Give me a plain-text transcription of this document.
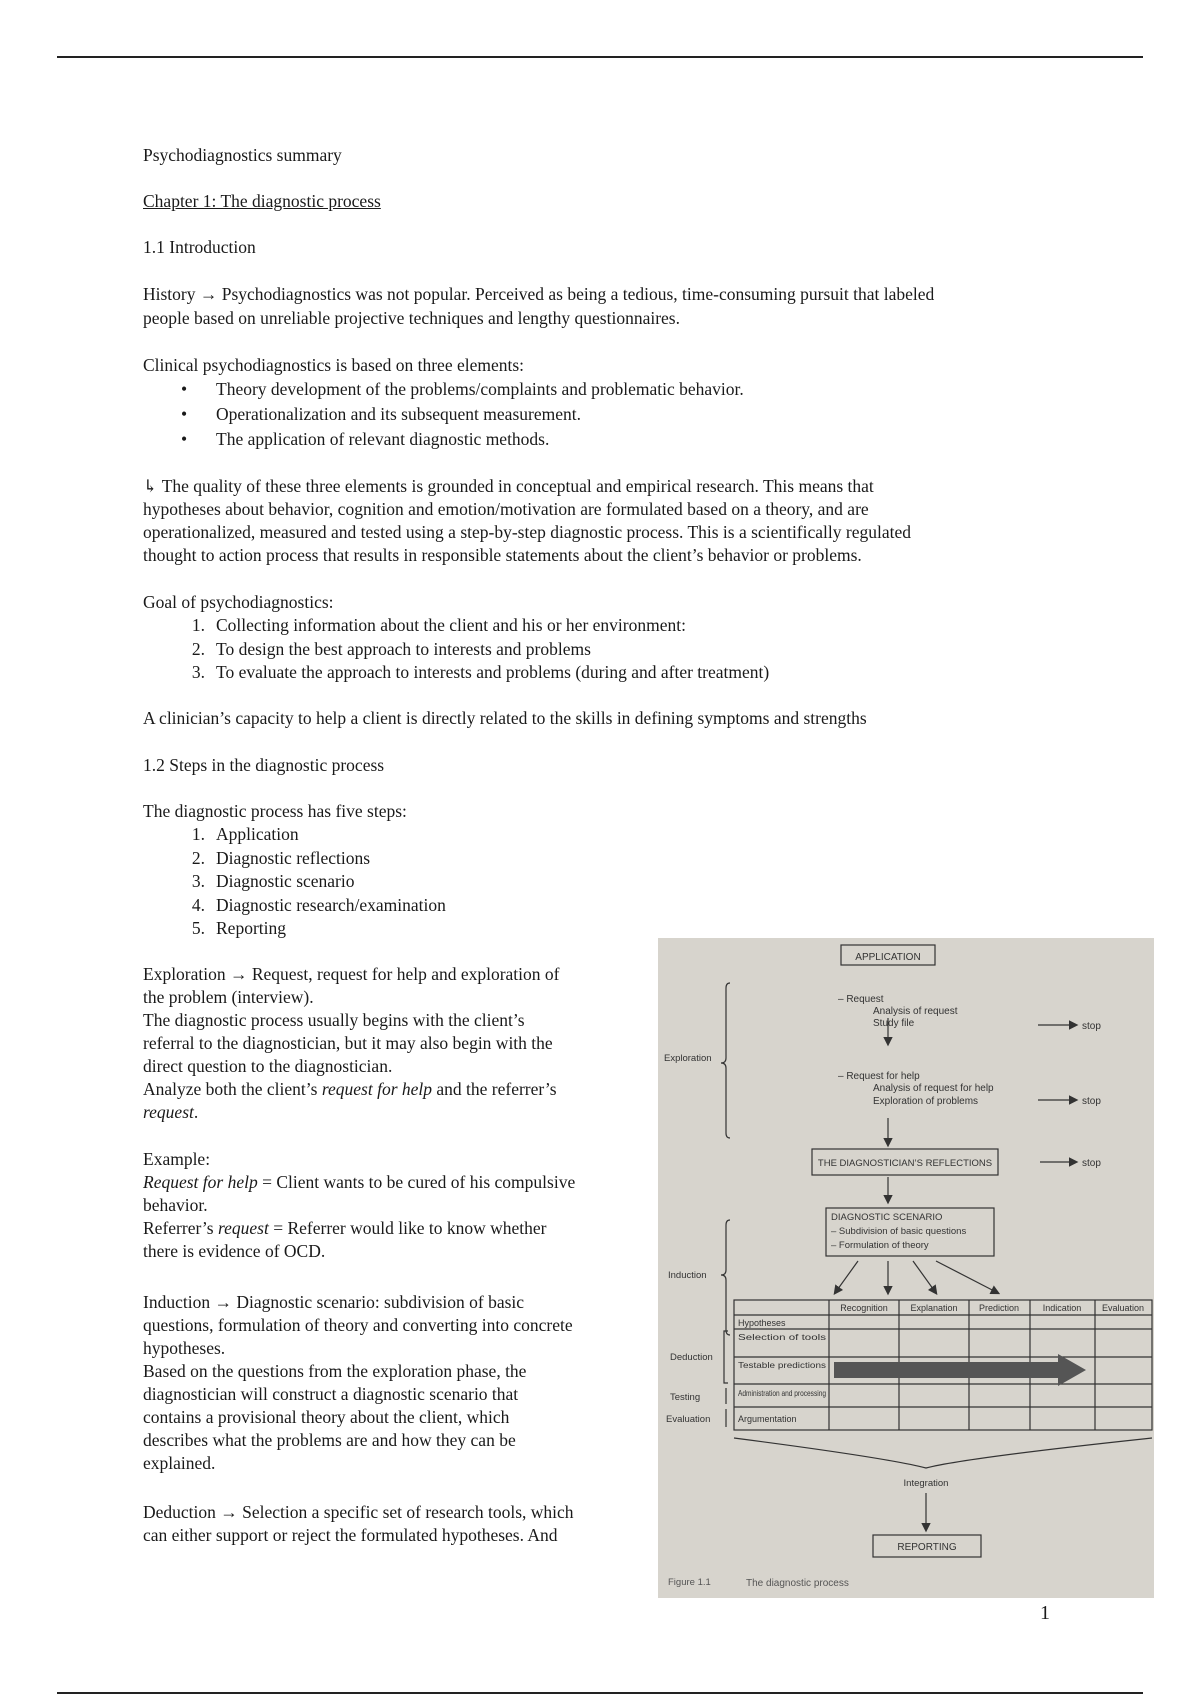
Psychodiagnostics summary
Chapter 1: The diagnostic process
1.1 Introduction
History → Psychodiagnostics was not popular. Perceived as being a tedious, time-consuming pursuit that labeled
people based on unreliable projective techniques and lengthy questionnaires.
Clinical psychodiagnostics is based on three elements:
• Theory development of the problems/complaints and problematic behavior.
• Operationalization and its subsequent measurement.
• The application of relevant diagnostic methods.
↳ The quality of these three elements is grounded in conceptual and empirical research. This means that
hypotheses about behavior, cognition and emotion/motivation are formulated based on a theory, and are
operationalized, measured and tested using a step-by-step diagnostic process. This is a scientifically regulated
thought to action process that results in responsible statements about the client’s behavior or problems.
Goal of psychodiagnostics:
1. Collecting information about the client and his or her environment:
2. To design the best approach to interests and problems
3. To evaluate the approach to interests and problems (during and after treatment)
A clinician’s capacity to help a client is directly related to the skills in defining symptoms and strengths
1.2 Steps in the diagnostic process
The diagnostic process has five steps:
1. Application
2. Diagnostic reflections
3. Diagnostic scenario
4. Diagnostic research/examination
5. Reporting
Exploration → Request, request for help and exploration of
the problem (interview).
The diagnostic process usually begins with the client’s
referral to the diagnostician, but it may also begin with the
direct question to the diagnostician.
Analyze both the client’s request for help and the referrer’s
request.
Example:
Request for help = Client wants to be cured of his compulsive
behavior.
Referrer’s request = Referrer would like to know whether
there is evidence of OCD.
Induction → Diagnostic scenario: subdivision of basic
questions, formulation of theory and converting into concrete
hypotheses.
Based on the questions from the exploration phase, the
diagnostician will construct a diagnostic scenario that
contains a provisional theory about the client, which
describes what the problems are and how they can be
explained.
Deduction → Selection a specific set of research tools, which
can either support or reject the formulated hypotheses. And
APPLICATION
– Request
Analysis of request
Study file	stop
– Request for help
Analysis of request for help
Exploration of problems	stop
Exploration
THE DIAGNOSTICIAN’S REFLECTIONS	stop
DIAGNOSTIC SCENARIO
– Subdivision of basic questions
– Formulation of theory
Induction
Recognition	Explanation Prediction	Indication Evaluation
Hypotheses
Selection of tools
Testable predictions
Administration and processing
Argumentation
Deduction
Testing
Evaluation
Integration
REPORTING
Figure 1.1	The diagnostic process
1
